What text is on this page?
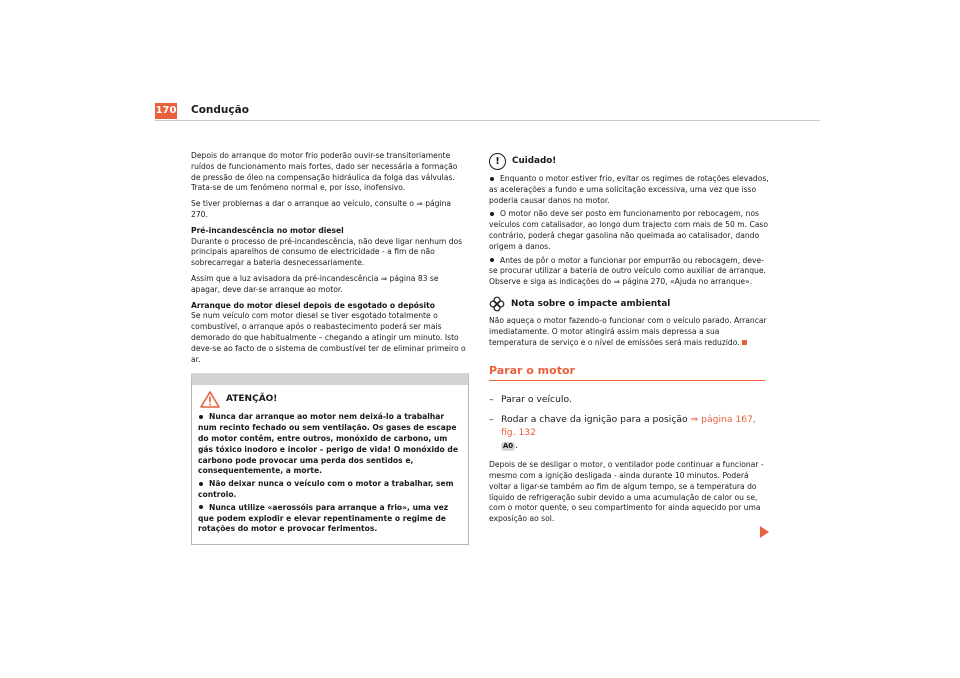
170 Condução

Depois do arranque do motor frio poderão ouvir-se transitoriamente ruídos de funcionamento mais fortes, dado ser necessária a formação de pressão de óleo na compensação hidráulica da folga das válvulas. Trata-se de um fenómeno normal e, por isso, inofensivo.

Se tiver problemas a dar o arranque ao veículo, consulte o ⇒ página 270.

Pré-incandescência no motor diesel

Durante o processo de pré-incandescência, não deve ligar nenhum dos principais aparelhos de consumo de electricidade - a fim de não sobrecarregar a bateria desnecessariamente.

Assim que a luz avisadora da pré-incandescência ⇒ página 83 se apagar, deve dar-se arranque ao motor.

Arranque do motor diesel depois de esgotado o depósito

Se num veículo com motor diesel se tiver esgotado totalmente o combustível, o arranque após o reabastecimento poderá ser mais demorado do que habitualmente – chegando a atingir um minuto. Isto deve-se ao facto de o sistema de combustível ter de eliminar primeiro o ar.

ATENÇÃO!
Nunca dar arranque ao motor nem deixá-lo a trabalhar num recinto fechado ou sem ventilação. Os gases de escape do motor contêm, entre outros, monóxido de carbono, um gás tóxico inodoro e incolor – perigo de vida! O monóxido de carbono pode provocar uma perda dos sentidos e, consequentemente, a morte.
Não deixar nunca o veículo com o motor a trabalhar, sem controlo.
Nunca utilize «aerossóis para arranque a frio», uma vez que podem explodir e elevar repentinamente o regime de rotações do motor e provocar ferimentos.
!	Cuidado!
Enquanto o motor estiver frio, evitar os regimes de rotações elevados, as acelerações a fundo e uma solicitação excessiva, uma vez que isso poderia causar danos no motor.
O motor não deve ser posto em funcionamento por rebocagem, nos veículos com catalisador, ao longo dum trajecto com mais de 50 m. Caso contrário, poderá chegar gasolina não queimada ao catalisador, dando origem a danos.
Antes de pôr o motor a funcionar por empurrão ou rebocagem, deve-se procurar utilizar a bateria de outro veículo como auxiliar de arranque. Observe e siga as indicações do ⇒ página 270, «Ajuda no arranque».
Nota sobre o impacte ambiental

Não aqueça o motor fazendo-o funcionar com o veículo parado. Arrancar imediatamente. O motor atingirá assim mais depressa a sua temperatura de serviço e o nível de emissões será mais reduzido.

Parar o motor
– Parar o veículo.
– Rodar a chave da ignição para a posição ⇒ página 167, fig. 132
A0 .

Depois de se desligar o motor, o ventilador pode continuar a funcionar - mesmo com a ignição desligada - ainda durante 10 minutos. Poderá voltar a ligar-se também ao fim de algum tempo, se a temperatura do líquido de refrigeração subir devido a uma acumulação de calor ou se, com o motor quente, o seu compartimento for ainda aquecido por uma exposição ao sol.
